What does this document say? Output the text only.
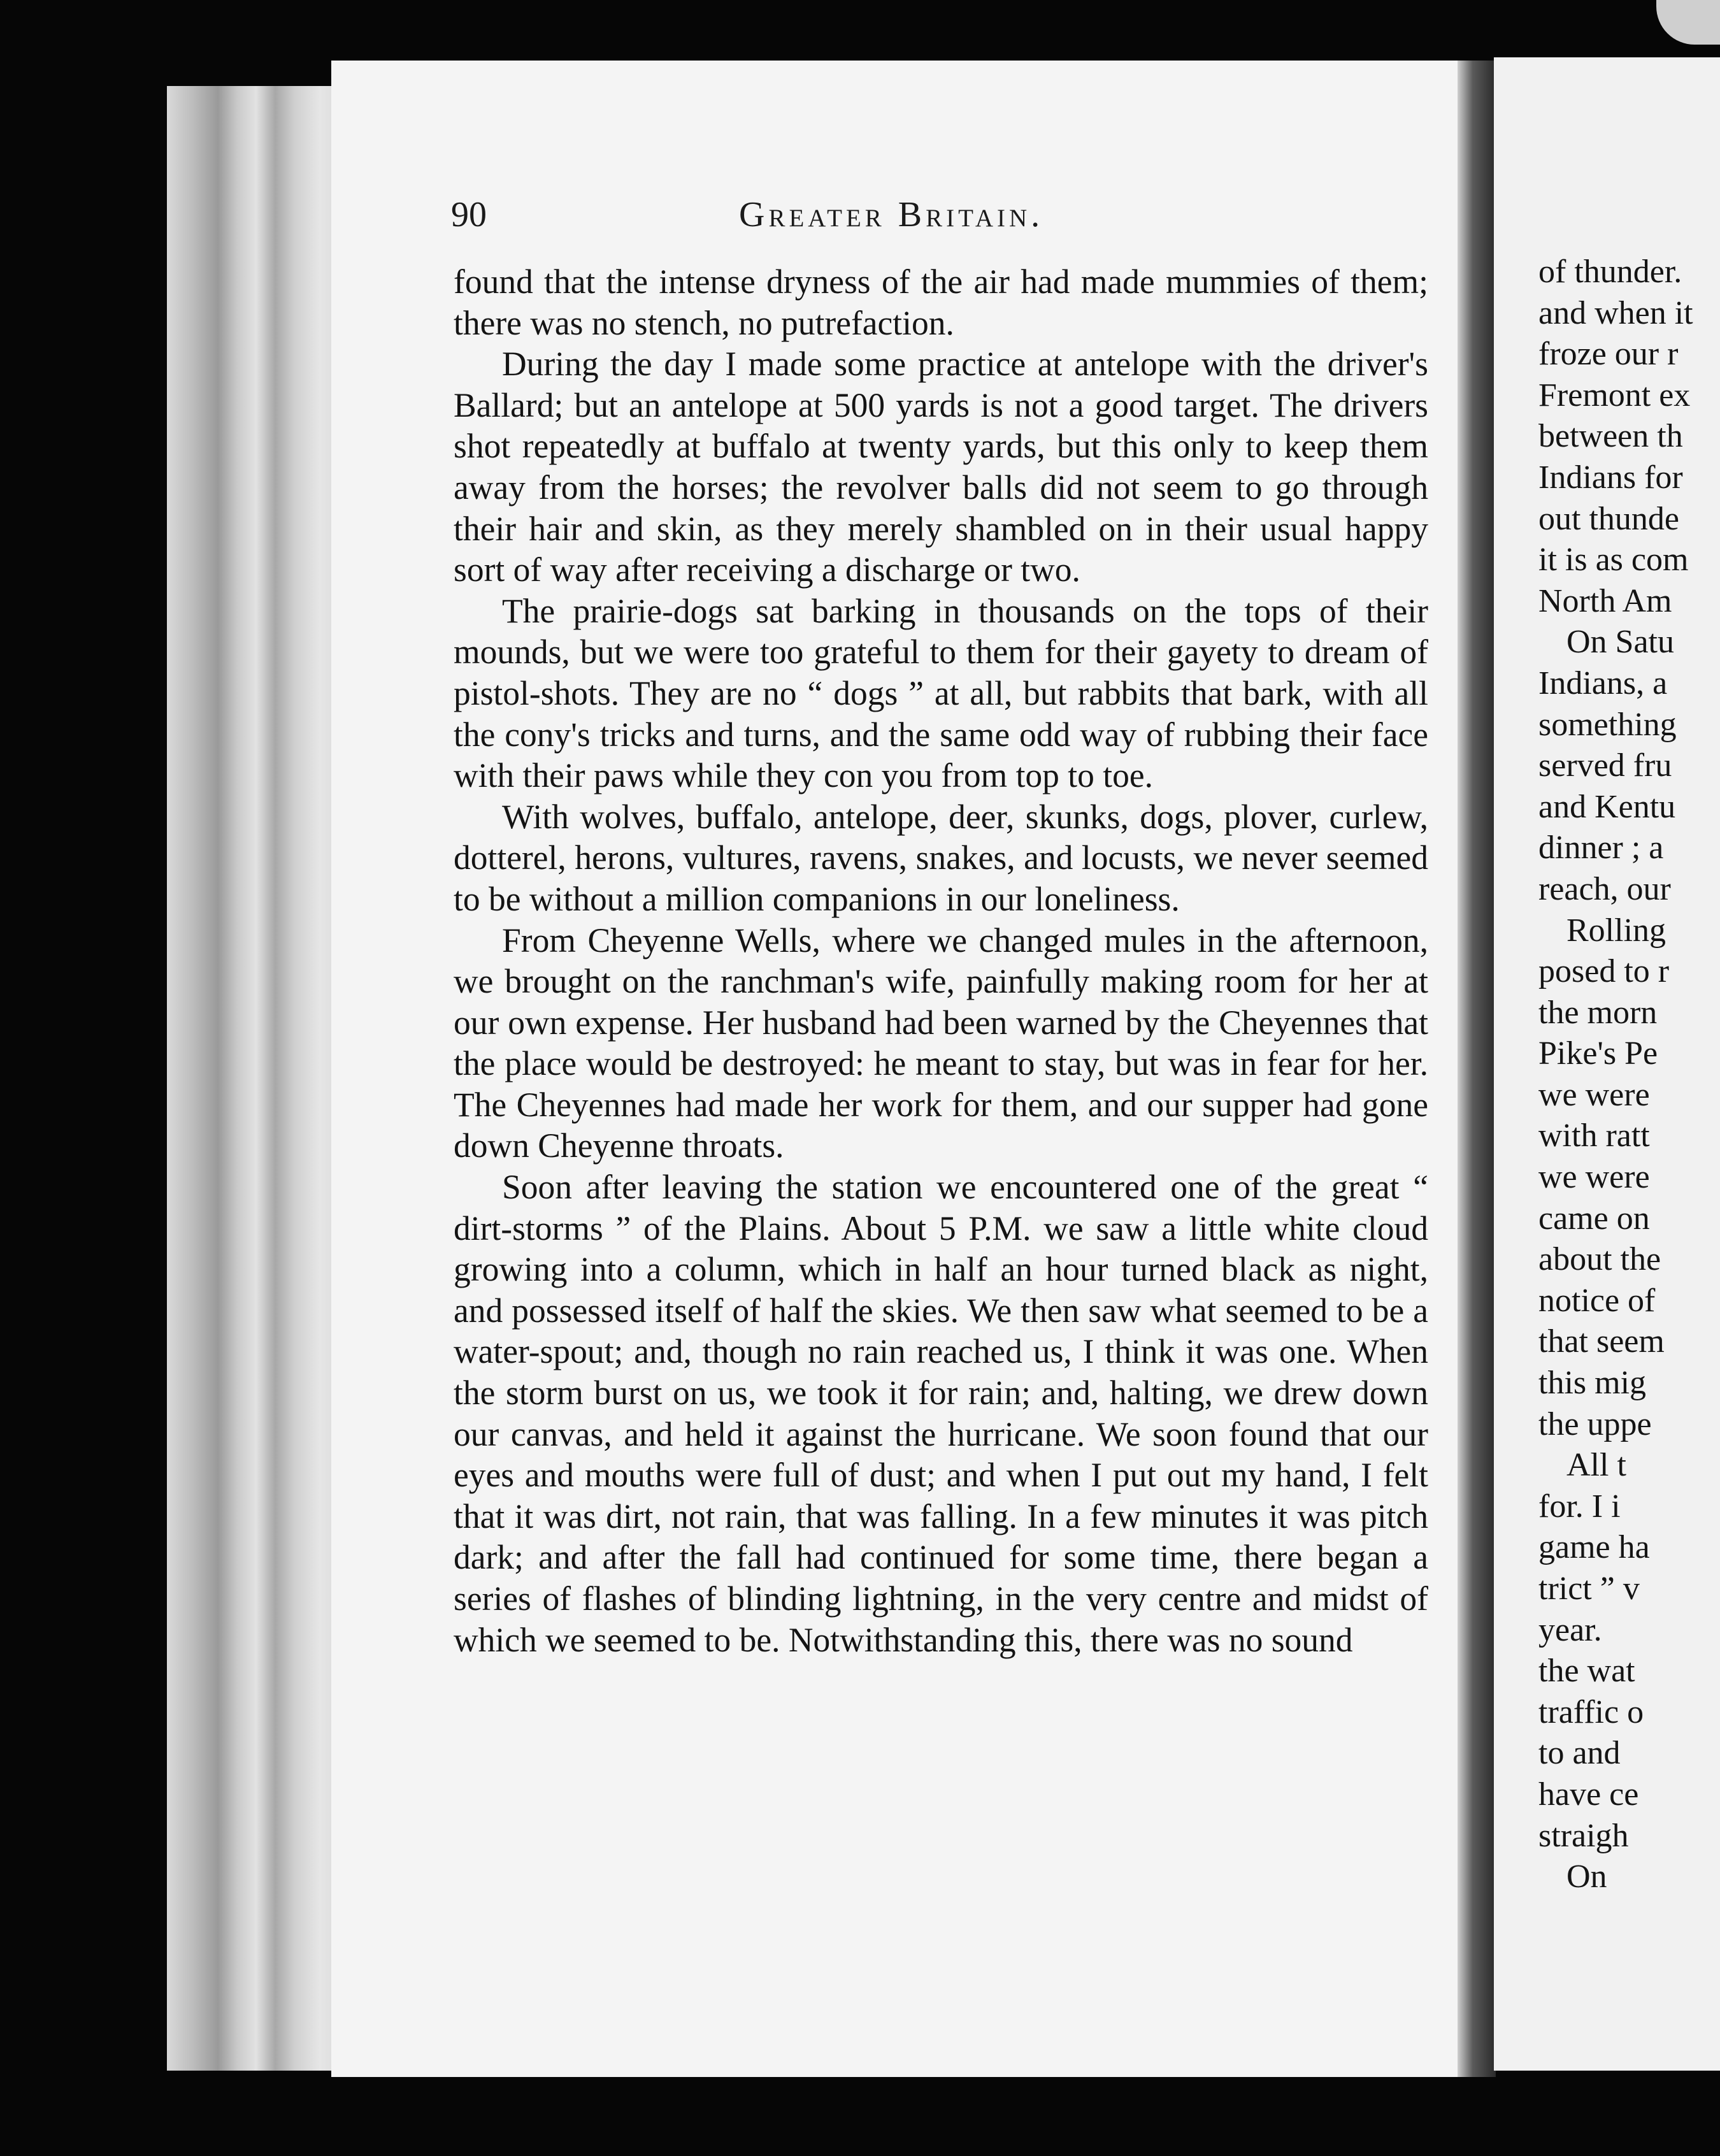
90	Greater Britain.

found that the intense dryness of the air had made mummies of them; there was no stench, no putrefaction.

During the day I made some practice at antelope with the driver's Ballard; but an antelope at 500 yards is not a good target. The drivers shot repeatedly at buffalo at twenty yards, but this only to keep them away from the horses; the revolver balls did not seem to go through their hair and skin, as they merely shambled on in their usual happy sort of way after receiving a discharge or two.

The prairie-dogs sat barking in thousands on the tops of their mounds, but we were too grateful to them for their gayety to dream of pistol-shots. They are no “ dogs ” at all, but rabbits that bark, with all the cony's tricks and turns, and the same odd way of rubbing their face with their paws while they con you from top to toe.

With wolves, buffalo, antelope, deer, skunks, dogs, plover, curlew, dotterel, herons, vultures, ravens, snakes, and locusts, we never seemed to be without a million companions in our loneliness.

From Cheyenne Wells, where we changed mules in the afternoon, we brought on the ranchman's wife, painfully making room for her at our own expense. Her husband had been warned by the Cheyennes that the place would be destroyed: he meant to stay, but was in fear for her. The Cheyennes had made her work for them, and our supper had gone down Cheyenne throats.

Soon after leaving the station we encountered one of the great “ dirt-storms ” of the Plains. About 5 P.M. we saw a little white cloud growing into a column, which in half an hour turned black as night, and possessed itself of half the skies. We then saw what seemed to be a water-spout; and, though no rain reached us, I think it was one. When the storm burst on us, we took it for rain; and, halting, we drew down our canvas, and held it against the hurricane. We soon found that our eyes and mouths were full of dust; and when I put out my hand, I felt that it was dirt, not rain, that was falling. In a few minutes it was pitch dark; and after the fall had continued for some time, there began a series of flashes of blinding lightning, in the very centre and midst of which we seemed to be. Notwithstanding this, there was no sound

of thunder.
and when it
froze our r
Fremont ex
between th
Indians for
out thunde
it is as com
North Am
On Satu
Indians, a
something
served fru
and Kentu
dinner ; a
reach, our
Rolling
posed to r
the morn
Pike's Pe
we were
with ratt
we were
came on
about the
notice of
that seem
this mig
the uppe
All t
for. I i
game ha
trict ” v
year.
the wat
traffic o
to and
have ce
straigh
On
